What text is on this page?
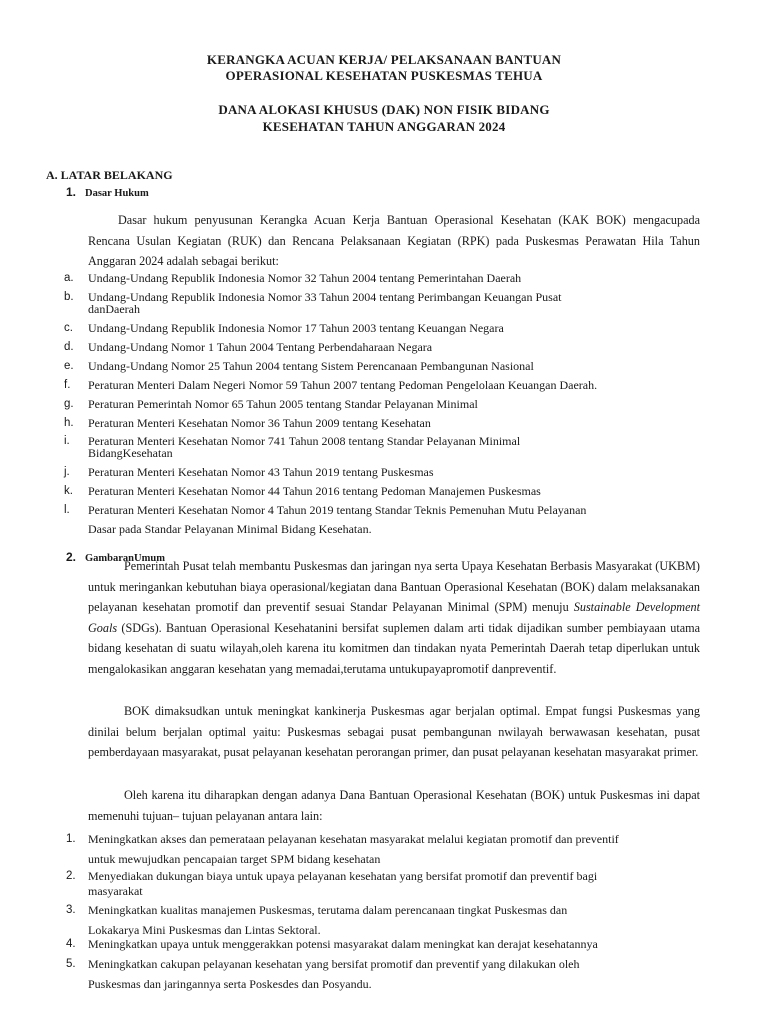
KERANGKA ACUAN KERJA/ PELAKSANAAN BANTUAN
OPERASIONAL KESEHATAN PUSKESMAS TEHUA
DANA ALOKASI KHUSUS (DAK) NON FISIK BIDANG
KESEHATAN TAHUN ANGGARAN 2024
A. LATAR BELAKANG
1. Dasar Hukum
Dasar hukum penyusunan Kerangka Acuan Kerja Bantuan Operasional Kesehatan (KAK BOK) mengacupada Rencana Usulan Kegiatan (RUK) dan Rencana Pelaksanaan Kegiatan (RPK) pada Puskesmas Perawatan Hila Tahun Anggaran 2024 adalah sebagai berikut:
a.	Undang-Undang Republik Indonesia Nomor 32 Tahun 2004 tentang Pemerintahan Daerah
b.	Undang-Undang Republik Indonesia Nomor 33 Tahun 2004 tentang Perimbangan Keuangan Pusat
danDaerah
c.	Undang-Undang Republik Indonesia Nomor 17 Tahun 2003 tentang Keuangan Negara
d.	Undang-Undang Nomor 1 Tahun 2004 Tentang Perbendaharaan Negara
e.	Undang-Undang Nomor 25 Tahun 2004 tentang Sistem Perencanaan Pembangunan Nasional
f.	Peraturan Menteri Dalam Negeri Nomor 59 Tahun 2007 tentang Pedoman Pengelolaan Keuangan Daerah.
g.	Peraturan Pemerintah Nomor 65 Tahun 2005 tentang Standar Pelayanan Minimal
h.	Peraturan Menteri Kesehatan Nomor 36 Tahun 2009 tentang Kesehatan
i.	Peraturan Menteri Kesehatan Nomor 741 Tahun 2008 tentang Standar Pelayanan Minimal
BidangKesehatan
j.	Peraturan Menteri Kesehatan Nomor 43 Tahun 2019 tentang Puskesmas
k.	Peraturan Menteri Kesehatan Nomor 44 Tahun 2016 tentang Pedoman Manajemen Puskesmas
l.	Peraturan Menteri Kesehatan Nomor 4 Tahun 2019 tentang Standar Teknis Pemenuhan Mutu Pelayanan
Dasar pada Standar Pelayanan Minimal Bidang Kesehatan.
2. GambaranUmum
Pemerintah Pusat telah membantu Puskesmas dan jaringan nya serta Upaya Kesehatan Berbasis Masyarakat (UKBM) untuk meringankan kebutuhan biaya operasional/kegiatan dana Bantuan Operasional Kesehatan (BOK) dalam melaksanakan pelayanan kesehatan promotif dan preventif sesuai Standar Pelayanan Minimal (SPM) menuju Sustainable Development Goals (SDGs). Bantuan Operasional Kesehatanini bersifat suplemen dalam arti tidak dijadikan sumber pembiayaan utama bidang kesehatan di suatu wilayah,oleh karena itu komitmen dan tindakan nyata Pemerintah Daerah tetap diperlukan untuk mengalokasikan anggaran kesehatan yang memadai,terutama untukupayapromotif danpreventif.
BOK dimaksudkan untuk meningkat kankinerja Puskesmas agar berjalan optimal. Empat fungsi Puskesmas yang dinilai belum berjalan optimal yaitu: Puskesmas sebagai pusat pembangunan nwilayah berwawasan kesehatan, pusat pemberdayaan masyarakat, pusat pelayanan kesehatan perorangan primer, dan pusat pelayanan kesehatan masyarakat primer.
Oleh karena itu diharapkan dengan adanya Dana Bantuan Operasional Kesehatan (BOK) untuk Puskesmas ini dapat memenuhi tujuan– tujuan pelayanan antara lain:
1. Meningkatkan akses dan pemerataan pelayanan kesehatan masyarakat melalui kegiatan promotif dan preventif
untuk mewujudkan pencapaian target SPM bidang kesehatan
2. Menyediakan dukungan biaya untuk upaya pelayanan kesehatan yang bersifat promotif dan preventif bagi
masyarakat
3. Meningkatkan kualitas manajemen Puskesmas, terutama dalam perencanaan tingkat Puskesmas dan
Lokakarya Mini Puskesmas dan Lintas Sektoral.
4. Meningkatkan upaya untuk menggerakkan potensi masyarakat dalam meningkat kan derajat kesehatannya
5. Meningkatkan cakupan pelayanan kesehatan yang bersifat promotif dan preventif yang dilakukan oleh
Puskesmas dan jaringannya serta Poskesdes dan Posyandu.
